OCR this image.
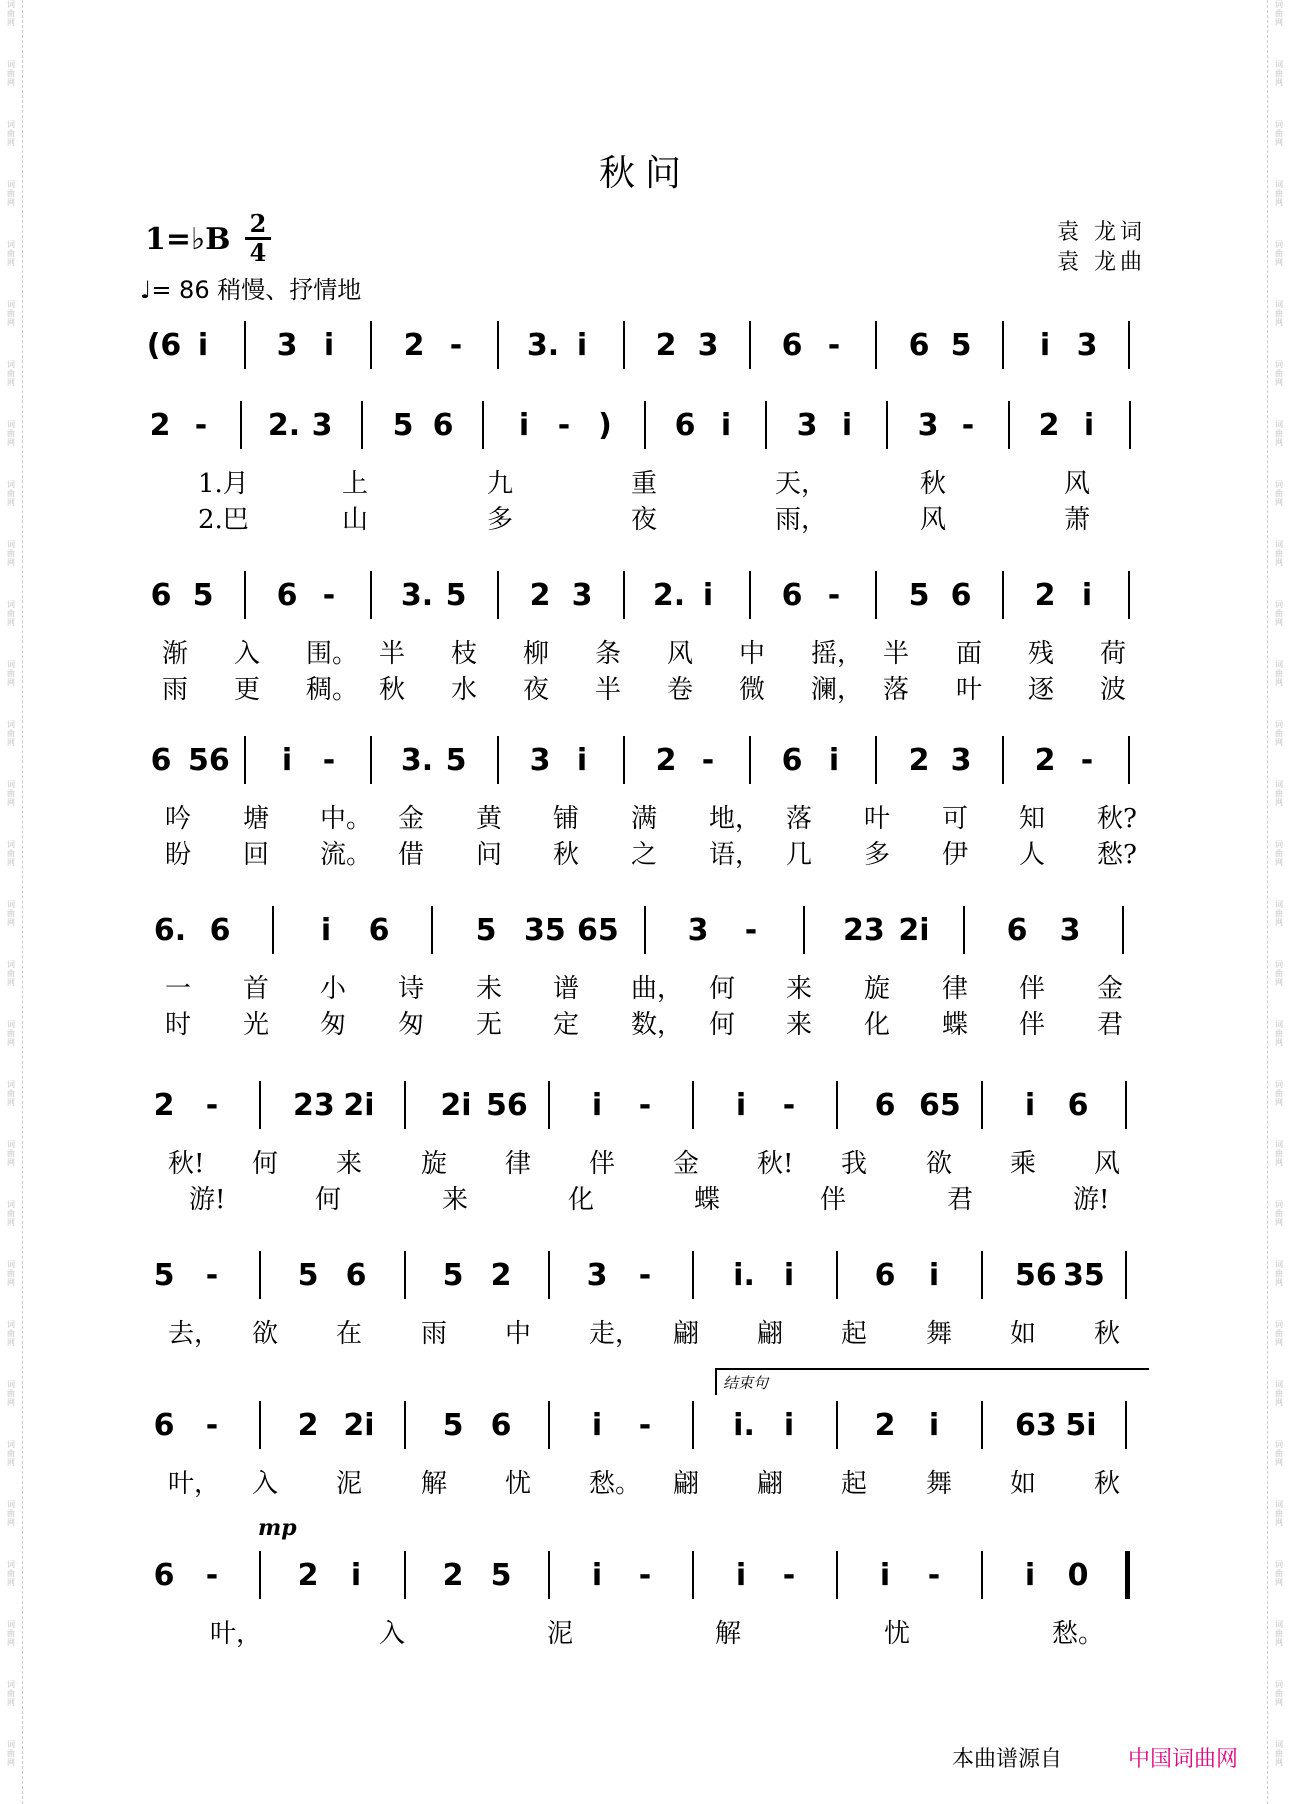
词
曲
网
词
曲
网
词
曲
网
词
曲
网
词
曲
网
词
曲
网
词
曲
网
词
曲
网
词
曲
网
词
曲
网
词
曲
网
词
曲
网
词
曲
网
词
曲
网
词
曲
网
词
曲
网
词
曲
网
词
曲
网
词
曲
网
词
曲
网
词
曲
网
词
曲
网
词
曲
网
词
曲
网
词
曲
网
词
曲
网
词
曲
网
词
曲
网
词
曲
网
词
曲
网
词
曲
网
词
曲
网
词
曲
网
词
曲
网
词
曲
网
词
曲
网
词
曲
网
词
曲
网
词
曲
网
词
曲
网
词
曲
网
词
曲
网
词
曲
网
词
曲
网
词
曲
网
词
曲
网
词
曲
网
词
曲
网
词
曲
网
词
曲
网
词
曲
网
词
曲
网
词
曲
网
词
曲
网
词
曲
网
词
曲
网
词
曲
网
词
曲
网
词
曲
网
词
曲
网
秋问
1=♭B 2
4
♩= 86 稍慢、抒情地
袁 龙词
袁 龙曲
(6 i	3 i	2 - 3. i	2 3 6 - 6 5	i 3
2 - 2. 3 5 6	i - ) 6 i	3 i	3 - 2 i
1.月	上	九	重	天，	秋	风
2.巴	山	多	夜	雨，	风	萧
6 5 6 - 3. 5 2 3 2. i	6 - 5 6 2 i
渐 入 围。 半 枝 柳 条 风 中 摇， 半 面 残 荷
雨 更 稠。 秋 水 夜 半 卷 微 澜， 落 叶 逐 波
6 56	i	- 3. 5 3 i	2 - 6 i	2 3 2 -
吟 塘 中。 金 黄 铺 满 地， 落 叶 可 知 秋?
盼 回 流。 借 问 秋 之 语， 几 多 伊 人 愁?
6. 6	i	6	5 35 65 3 -	23 2i	6 3
一 首 小 诗 未 谱 曲， 何 来 旋 律 伴 金
时 光 匆 匆 无 定 数， 何 来 化 蝶 伴 君
2 - 23 2i 2i 56	i	-	i	-	6 65	i	6
秋! 何 来 旋 律 伴 金 秋! 我 欲 乘 风
游!	何	来	化	蝶	伴	君	游!
5 -	5 6	5 2	3 -	i. i	6	i	56 35
去， 欲 在 雨 中 走， 翩 翩 起 舞 如 秋
6 -	2 2i 5 6	i	-	i. i	2	i	63 5i
叶， 入 泥 解 忧 愁。 翩 翩 起 舞 如 秋
6 -	2	i	2 5	i	-	i	-	i	-	i	0
叶，	入	泥	解	忧	愁。
本曲谱源自	中国词曲网
结束句
mp
